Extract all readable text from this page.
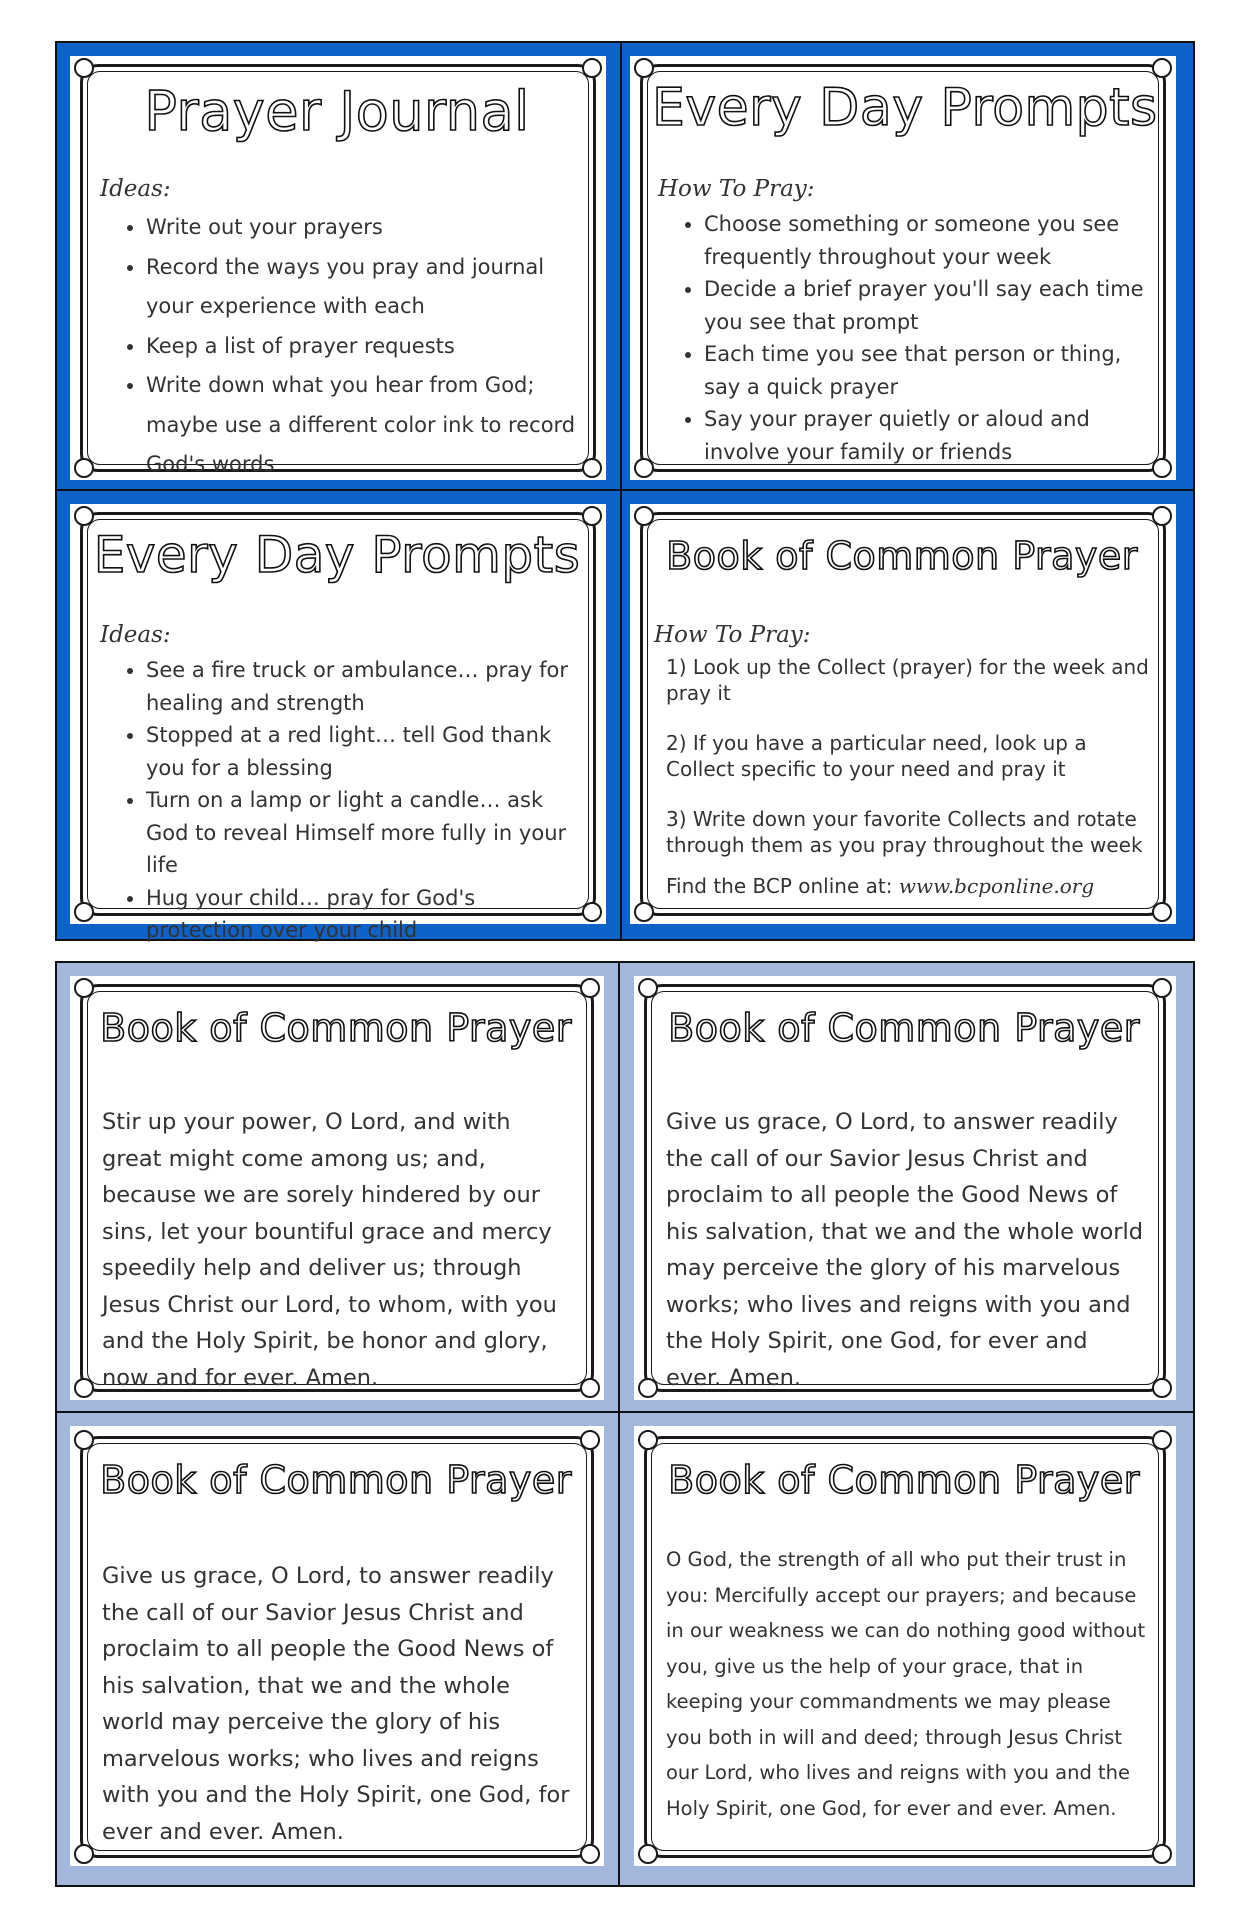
Prayer Journal
Ideas:
• Write out your prayers
• Record the ways you pray and journal your experience with each
• Keep a list of prayer requests
• Write down what you hear from God; maybe use a different color ink to record God's words
Every Day Prompts
How To Pray:
• Choose something or someone you see frequently throughout your week
• Decide a brief prayer you'll say each time you see that prompt
• Each time you see that person or thing, say a quick prayer
• Say your prayer quietly or aloud and involve your family or friends
Every Day Prompts
Ideas:
• See a fire truck or ambulance… pray for healing and strength
• Stopped at a red light… tell God thank you for a blessing
• Turn on a lamp or light a candle… ask God to reveal Himself more fully in your life
• Hug your child… pray for God's protection over your child
Book of Common Prayer
How To Pray:
1) Look up the Collect (prayer) for the week and pray it
2) If you have a particular need, look up a Collect specific to your need and pray it
3) Write down your favorite Collects and rotate through them as you pray throughout the week
Find the BCP online at: www.bcponline.org
Book of Common Prayer
Stir up your power, O Lord, and with great might come among us; and, because we are sorely hindered by our sins, let your bountiful grace and mercy speedily help and deliver us; through Jesus Christ our Lord, to whom, with you and the Holy Spirit, be honor and glory, now and for ever. Amen.
Book of Common Prayer
Give us grace, O Lord, to answer readily the call of our Savior Jesus Christ and proclaim to all people the Good News of his salvation, that we and the whole world may perceive the glory of his marvelous works; who lives and reigns with you and the Holy Spirit, one God, for ever and ever. Amen.
Book of Common Prayer
Give us grace, O Lord, to answer readily the call of our Savior Jesus Christ and proclaim to all people the Good News of his salvation, that we and the whole world may perceive the glory of his marvelous works; who lives and reigns with you and the Holy Spirit, one God, for ever and ever. Amen.
Book of Common Prayer
O God, the strength of all who put their trust in you: Mercifully accept our prayers; and because in our weakness we can do nothing good without you, give us the help of your grace, that in keeping your commandments we may please you both in will and deed; through Jesus Christ our Lord, who lives and reigns with you and the Holy Spirit, one God, for ever and ever. Amen.
